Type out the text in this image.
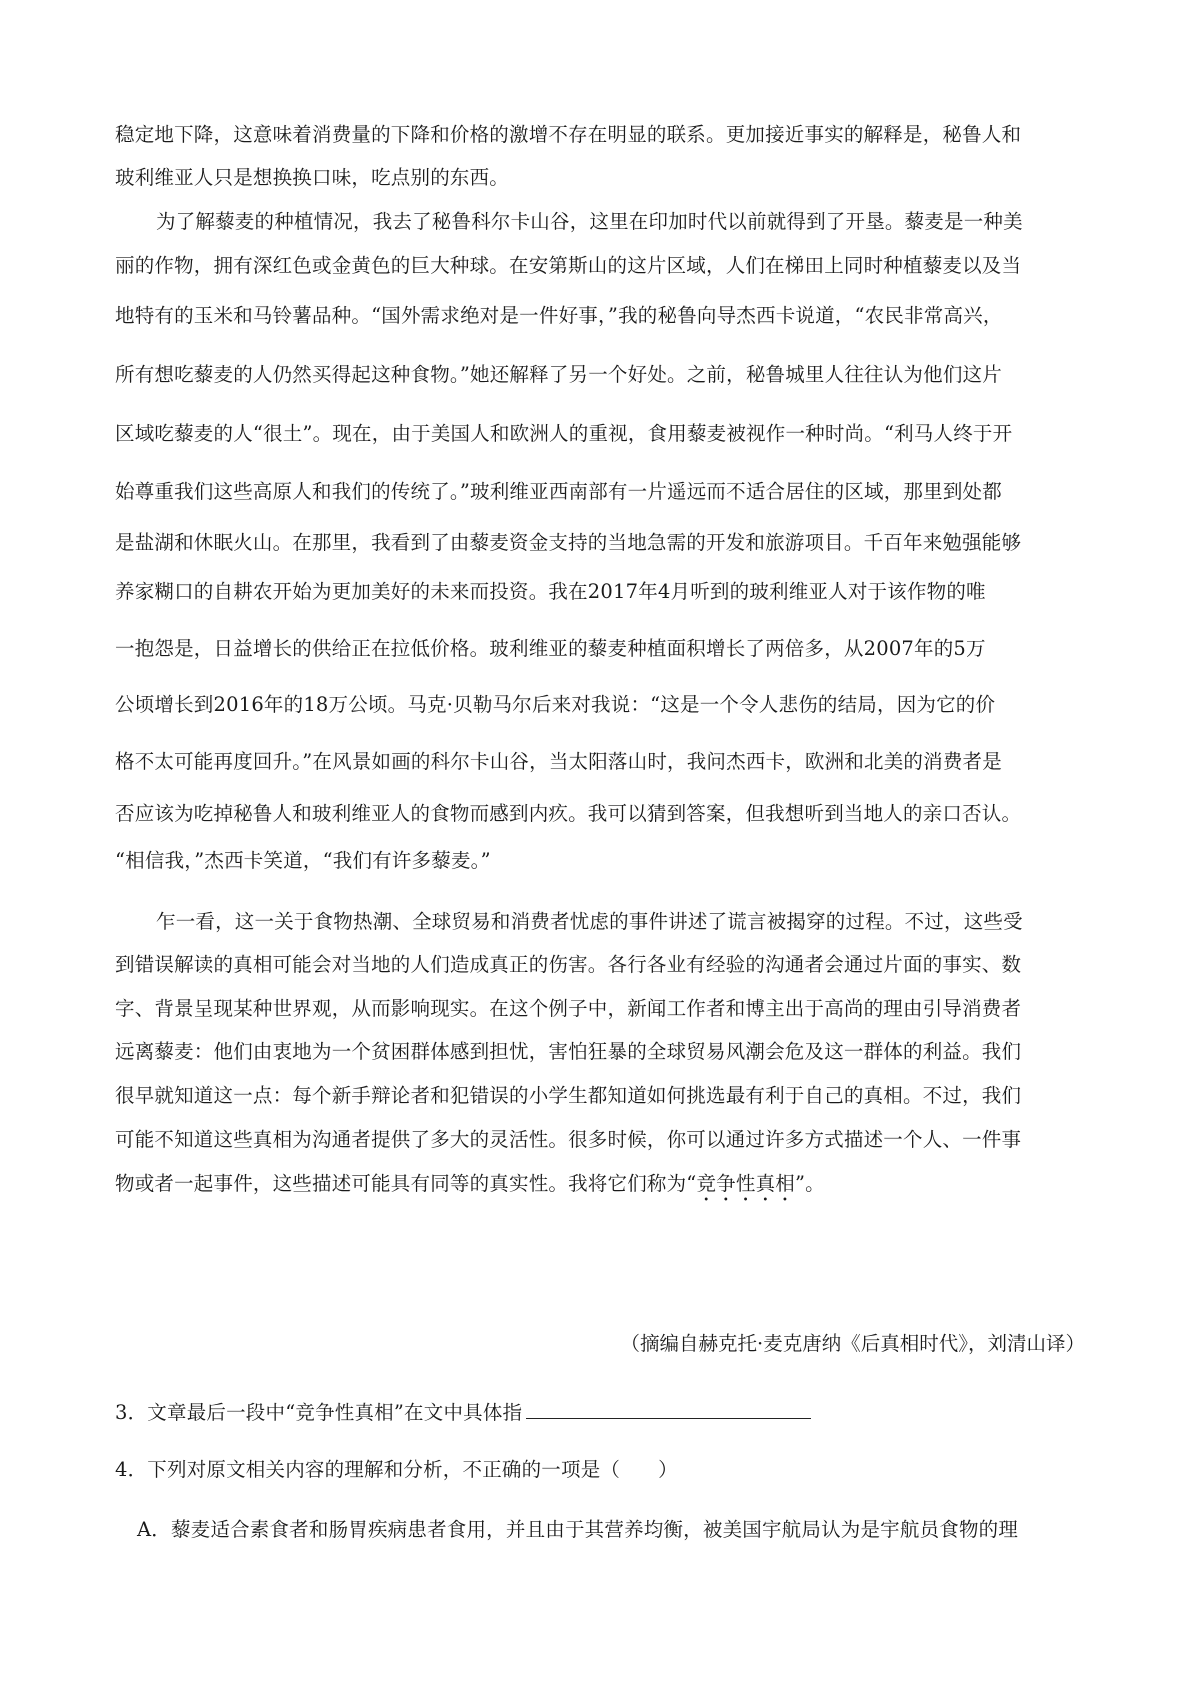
稳定地下降，这意味着消费量的下降和价格的激增不存在明显的联系。更加接近事实的解释是，秘鲁人和
玻利维亚人只是想换换口味，吃点别的东西。
为了解藜麦的种植情况，我去了秘鲁科尔卡山谷，这里在印加时代以前就得到了开垦。藜麦是一种美
丽的作物，拥有深红色或金黄色的巨大种球。在安第斯山的这片区域，人们在梯田上同时种植藜麦以及当
地特有的玉米和马铃薯品种。“国外需求绝对是一件好事，”我的秘鲁向导杰西卡说道，“农民非常高兴，
所有想吃藜麦的人仍然买得起这种食物。”她还解释了另一个好处。之前，秘鲁城里人往往认为他们这片
区域吃藜麦的人“很土”。现在，由于美国人和欧洲人的重视，食用藜麦被视作一种时尚。“利马人终于开
始尊重我们这些高原人和我们的传统了。”玻利维亚西南部有一片遥远而不适合居住的区域，那里到处都
是盐湖和休眠火山。在那里，我看到了由藜麦资金支持的当地急需的开发和旅游项目。千百年来勉强能够
养家糊口的自耕农开始为更加美好的未来而投资。我在2017年4月听到的玻利维亚人对于该作物的唯
一抱怨是，日益增长的供给正在拉低价格。玻利维亚的藜麦种植面积增长了两倍多，从2007年的5万
公顷增长到2016年的18万公顷。马克·贝勒马尔后来对我说：“这是一个令人悲伤的结局，因为它的价
格不太可能再度回升。”在风景如画的科尔卡山谷，当太阳落山时，我问杰西卡，欧洲和北美的消费者是
否应该为吃掉秘鲁人和玻利维亚人的食物而感到内疚。我可以猜到答案，但我想听到当地人的亲口否认。
“相信我，”杰西卡笑道，“我们有许多藜麦。”
乍一看，这一关于食物热潮、全球贸易和消费者忧虑的事件讲述了谎言被揭穿的过程。不过，这些受
到错误解读的真相可能会对当地的人们造成真正的伤害。各行各业有经验的沟通者会通过片面的事实、数
字、背景呈现某种世界观，从而影响现实。在这个例子中，新闻工作者和博主出于高尚的理由引导消费者
远离藜麦：他们由衷地为一个贫困群体感到担忧，害怕狂暴的全球贸易风潮会危及这一群体的利益。我们
很早就知道这一点：每个新手辩论者和犯错误的小学生都知道如何挑选最有利于自己的真相。不过，我们
可能不知道这些真相为沟通者提供了多大的灵活性。很多时候，你可以通过许多方式描述一个人、一件事
物或者一起事件，这些描述可能具有同等的真实性。我将它们称为“竞争性真相”。
（摘编自赫克托·麦克唐纳《后真相时代》，刘清山译）
3．文章最后一段中“竞争性真相”在文中具体指
4．下列对原文相关内容的理解和分析，不正确的一项是（ ）
A．藜麦适合素食者和肠胃疾病患者食用，并且由于其营养均衡，被美国宇航局认为是宇航员食物的理
